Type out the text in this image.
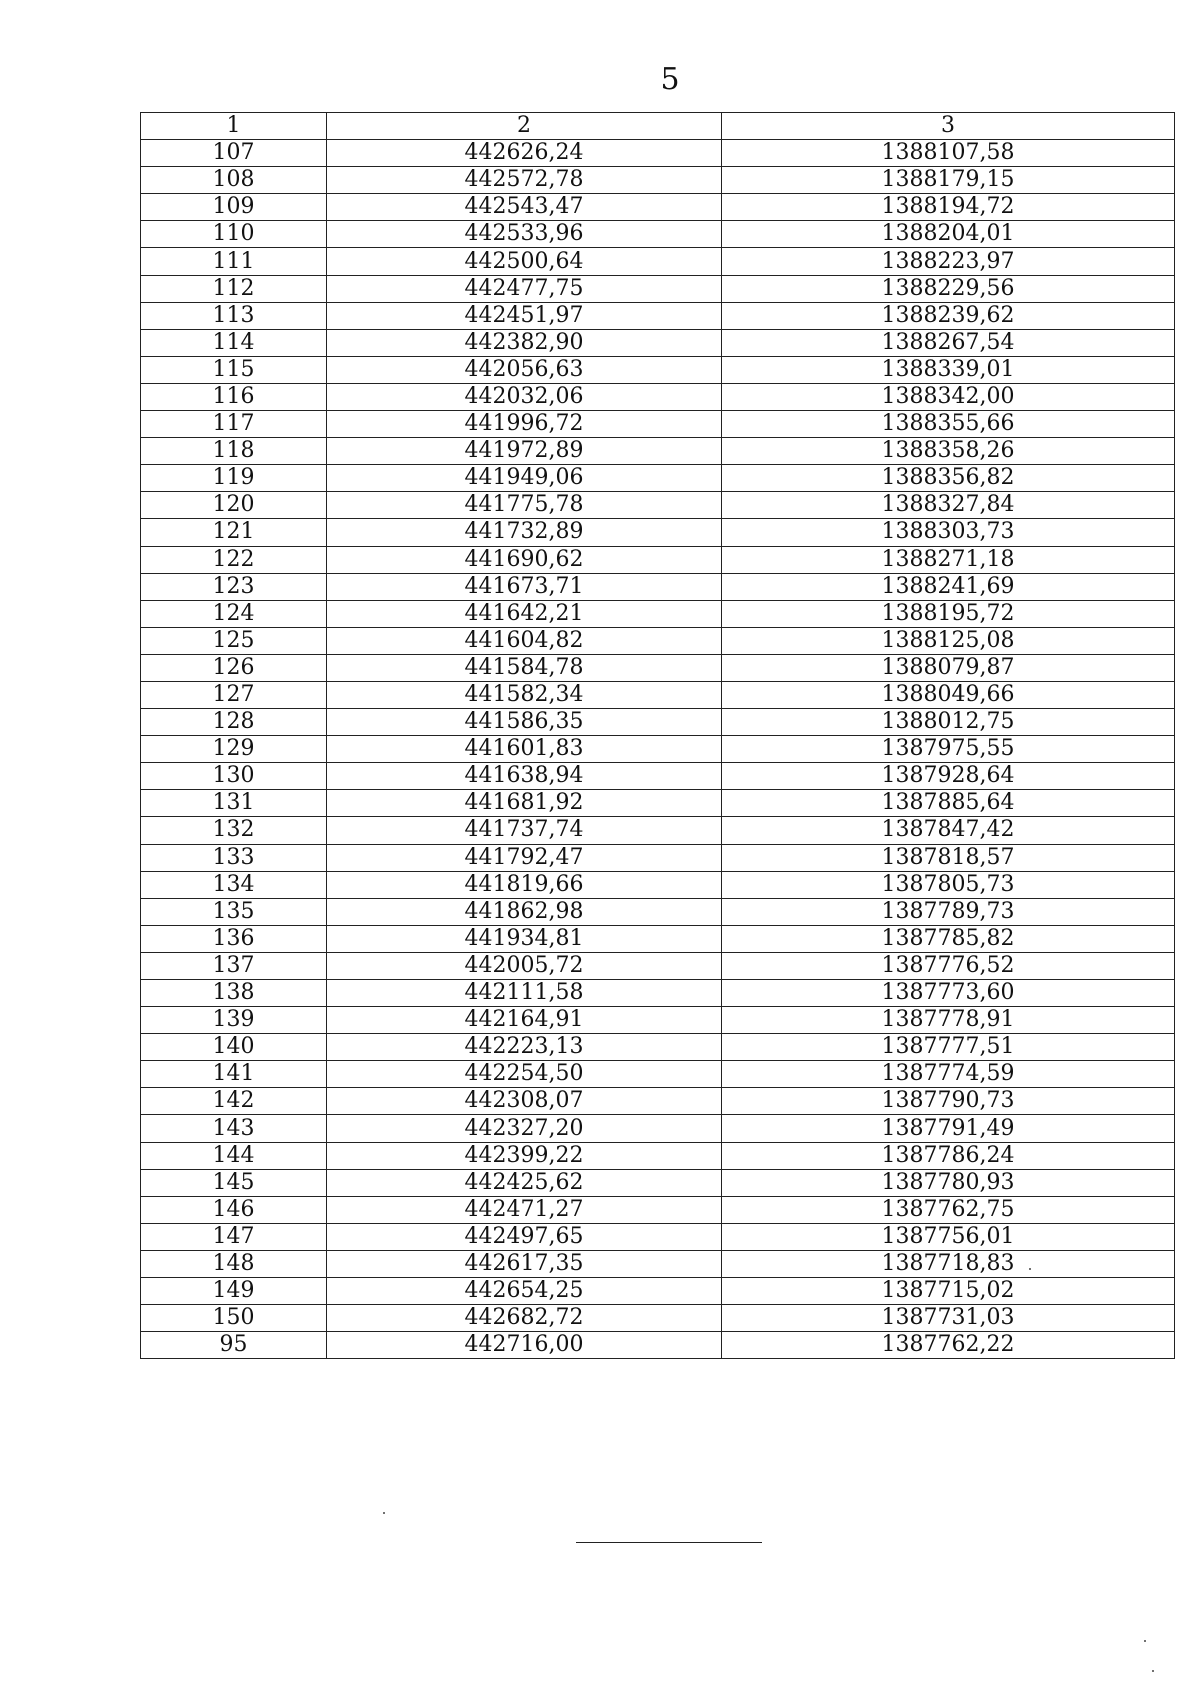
5
1	2	3
107	442626,24	1388107,58
108	442572,78	1388179,15
109	442543,47	1388194,72
110	442533,96	1388204,01
111	442500,64	1388223,97
112	442477,75	1388229,56
113	442451,97	1388239,62
114	442382,90	1388267,54
115	442056,63	1388339,01
116	442032,06	1388342,00
117	441996,72	1388355,66
118	441972,89	1388358,26
119	441949,06	1388356,82
120	441775,78	1388327,84
121	441732,89	1388303,73
122	441690,62	1388271,18
123	441673,71	1388241,69
124	441642,21	1388195,72
125	441604,82	1388125,08
126	441584,78	1388079,87
127	441582,34	1388049,66
128	441586,35	1388012,75
129	441601,83	1387975,55
130	441638,94	1387928,64
131	441681,92	1387885,64
132	441737,74	1387847,42
133	441792,47	1387818,57
134	441819,66	1387805,73
135	441862,98	1387789,73
136	441934,81	1387785,82
137	442005,72	1387776,52
138	442111,58	1387773,60
139	442164,91	1387778,91
140	442223,13	1387777,51
141	442254,50	1387774,59
142	442308,07	1387790,73
143	442327,20	1387791,49
144	442399,22	1387786,24
145	442425,62	1387780,93
146	442471,27	1387762,75
147	442497,65	1387756,01
148	442617,35	1387718,83
149	442654,25	1387715,02
150	442682,72	1387731,03
95	442716,00	1387762,22
